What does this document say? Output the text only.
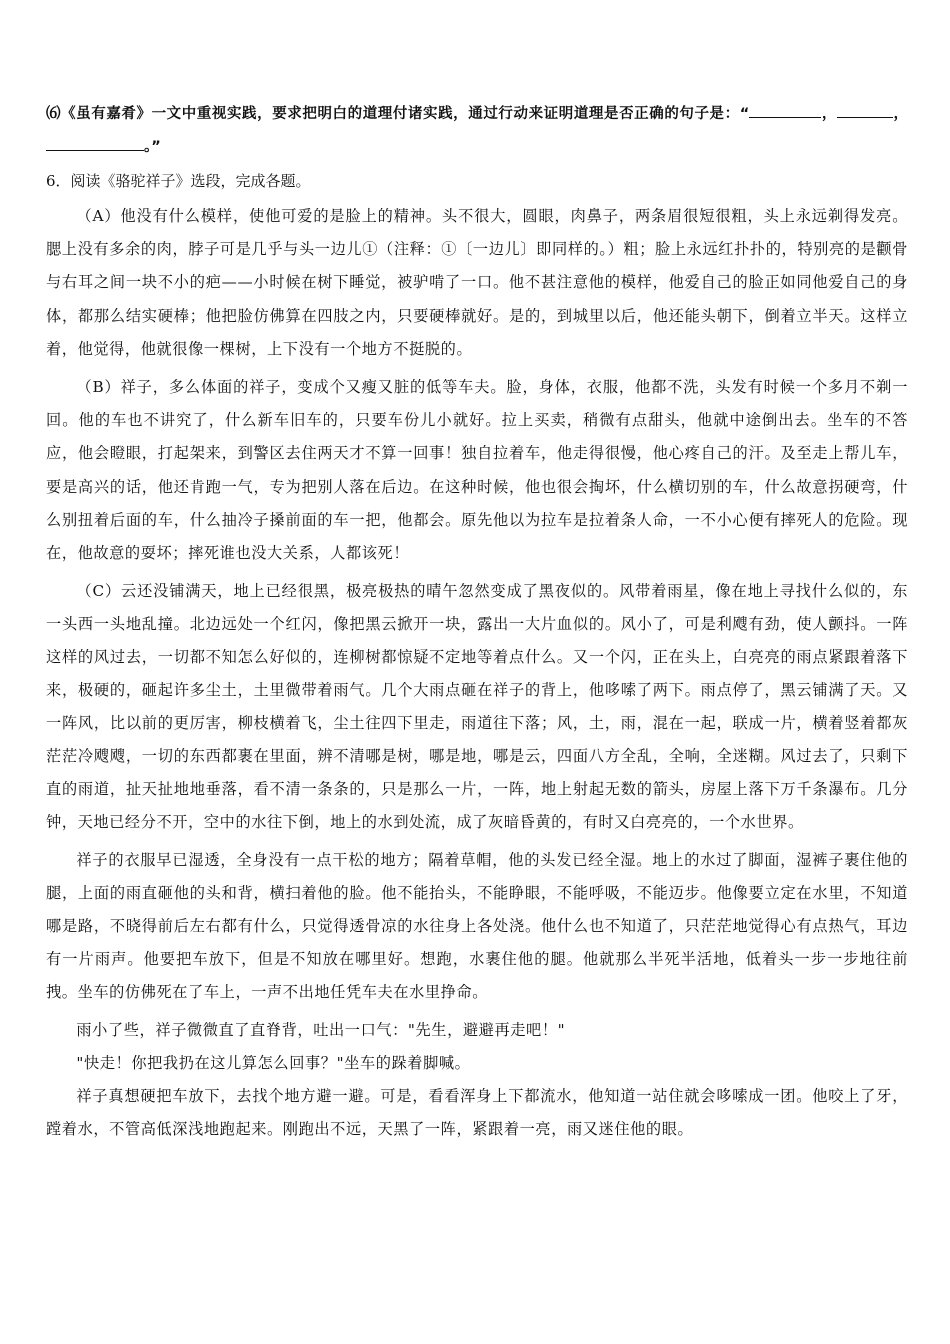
⑹《虽有嘉肴》一文中重视实践，要求把明白的道理付诸实践，通过行动来证明道理是否正确的句子是：“	，	，。”

6．阅读《骆驼祥子》选段，完成各题。

（A）他没有什么模样，使他可爱的是脸上的精神。头不很大，圆眼，肉鼻子，两条眉很短很粗，头上永远剃得发亮。腮上没有多余的肉，脖子可是几乎与头一边儿①（注释：①〔一边儿〕即同样的。）粗；脸上永远红扑扑的，特别亮的是颧骨与右耳之间一块不小的疤——小时候在树下睡觉，被驴啃了一口。他不甚注意他的模样，他爱自己的脸正如同他爱自己的身体，都那么结实硬棒；他把脸仿佛算在四肢之内，只要硬棒就好。是的，到城里以后，他还能头朝下，倒着立半天。这样立着，他觉得，他就很像一棵树，上下没有一个地方不挺脱的。

（B）祥子，多么体面的祥子，变成个又瘦又脏的低等车夫。脸，身体，衣服，他都不洗，头发有时候一个多月不剃一回。他的车也不讲究了，什么新车旧车的，只要车份儿小就好。拉上买卖，稍微有点甜头，他就中途倒出去。坐车的不答应，他会瞪眼，打起架来，到警区去住两天才不算一回事！独自拉着车，他走得很慢，他心疼自己的汗。及至走上帮儿车，要是高兴的话，他还肯跑一气，专为把别人落在后边。在这种时候，他也很会掏坏，什么横切别的车，什么故意拐硬弯，什么别扭着后面的车，什么抽冷子搡前面的车一把，他都会。原先他以为拉车是拉着条人命，一不小心便有摔死人的危险。现在，他故意的耍坏；摔死谁也没大关系，人都该死！

（C）云还没铺满天，地上已经很黑，极亮极热的晴午忽然变成了黑夜似的。风带着雨星，像在地上寻找什么似的，东一头西一头地乱撞。北边远处一个红闪，像把黑云掀开一块，露出一大片血似的。风小了，可是利飕有劲，使人颤抖。一阵这样的风过去，一切都不知怎么好似的，连柳树都惊疑不定地等着点什么。又一个闪，正在头上，白亮亮的雨点紧跟着落下来，极硬的，砸起许多尘土，土里微带着雨气。几个大雨点砸在祥子的背上，他哆嗦了两下。雨点停了，黑云铺满了天。又一阵风，比以前的更厉害，柳枝横着飞，尘土往四下里走，雨道往下落；风，土，雨，混在一起，联成一片，横着竖着都灰茫茫冷飕飕，一切的东西都裹在里面，辨不清哪是树，哪是地，哪是云，四面八方全乱，全响，全迷糊。风过去了，只剩下直的雨道，扯天扯地地垂落，看不清一条条的，只是那么一片，一阵，地上射起无数的箭头，房屋上落下万千条瀑布。几分钟，天地已经分不开，空中的水往下倒，地上的水到处流，成了灰暗昏黄的，有时又白亮亮的，一个水世界。

祥子的衣服早已湿透，全身没有一点干松的地方；隔着草帽，他的头发已经全湿。地上的水过了脚面，湿裤子裹住他的腿，上面的雨直砸他的头和背，横扫着他的脸。他不能抬头，不能睁眼，不能呼吸，不能迈步。他像要立定在水里，不知道哪是路，不晓得前后左右都有什么，只觉得透骨凉的水往身上各处浇。他什么也不知道了，只茫茫地觉得心有点热气，耳边有一片雨声。他要把车放下，但是不知放在哪里好。想跑，水裹住他的腿。他就那么半死半活地，低着头一步一步地往前拽。坐车的仿佛死在了车上，一声不出地任凭车夫在水里挣命。

雨小了些，祥子微微直了直脊背，吐出一口气："先生，避避再走吧！"

"快走！你把我扔在这儿算怎么回事？"坐车的跺着脚喊。

祥子真想硬把车放下，去找个地方避一避。可是，看看浑身上下都流水，他知道一站住就会哆嗦成一团。他咬上了牙，蹚着水，不管高低深浅地跑起来。刚跑出不远，天黑了一阵，紧跟着一亮，雨又迷住他的眼。
